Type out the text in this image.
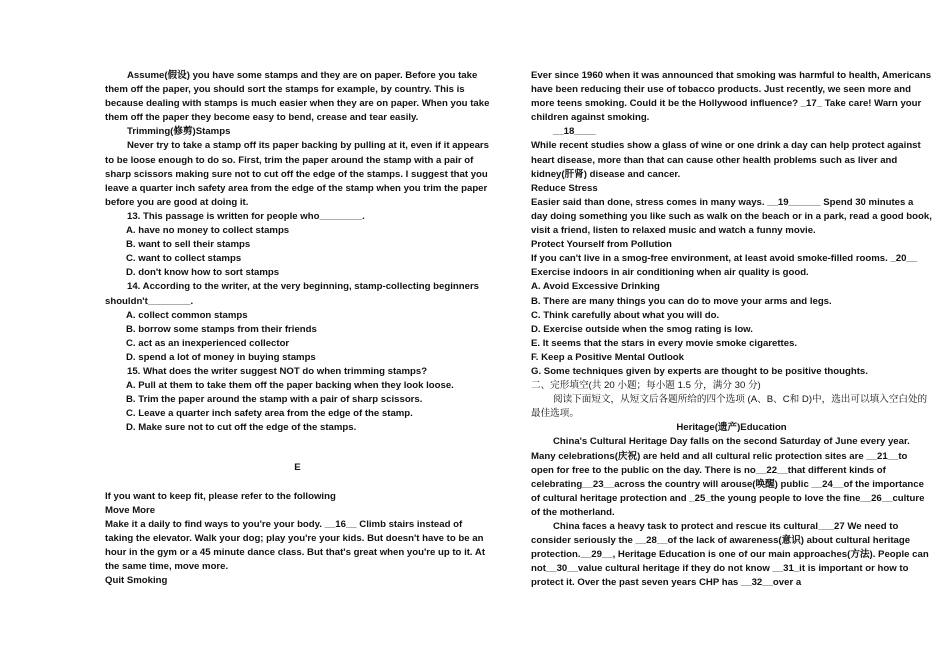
Assume(假设) you have some stamps and they are on paper. Before you take them off the paper, you should sort the stamps for example, by country. This is because dealing with stamps is much easier when they are on paper. When you take them off the paper they become easy to bend, crease and tear easily.

Trimming(修剪)Stamps

Never try to take a stamp off its paper backing by pulling at it, even if it appears to be loose enough to do so. First, trim the paper around the stamp with a pair of sharp scissors making sure not to cut off the edge of the stamps. I suggest that you leave a quarter inch safety area from the edge of the stamp when you trim the paper before you are good at doing it.

13. This passage is written for people who________.

A. have no money to collect stamps

B. want to sell their stamps

C. want to collect stamps

D. don't know how to sort stamps

14. According to the writer, at the very beginning, stamp-collecting beginners shouldn't________.

A. collect common stamps

B. borrow some stamps from their friends

C. act as an inexperienced collector

D. spend a lot of money in buying stamps

15. What does the writer suggest NOT do when trimming stamps?

A. Pull at them to take them off the paper backing when they look loose.

B. Trim the paper around the stamp with a pair of sharp scissors.

C. Leave a quarter inch safety area from the edge of the stamp.

D. Make sure not to cut off the edge of the stamps.

E

If you want to keep fit, please refer to the following

Move More

Make it a daily to find ways to you're your body. __16__ Climb stairs instead of taking the elevator. Walk your dog; play you're your kids. But doesn't have to be an hour in the gym or a 45 minute dance class. But that's great when you're up to it. At the same time, move more.

Quit Smoking

Ever since 1960 when it was announced that smoking was harmful to health, Americans have been reducing their use of tobacco products. Just recently, we seen more and more teens smoking. Could it be the Hollywood influence? _17_ Take care! Warn your children against smoking.

__18____

While recent studies show a glass of wine or one drink a day can help protect against heart disease, more than that can cause other health problems such as liver and kidney(肝肾) disease and cancer.

Reduce Stress

Easier said than done, stress comes in many ways. __19______ Spend 30 minutes a day doing something you like such as walk on the beach or in a park, read a good book, visit a friend, listen to relaxed music and watch a funny movie.

Protect Yourself from Pollution

If you can't live in a smog-free environment, at least avoid smoke-filled rooms. _20__ Exercise indoors in air conditioning when air quality is good.

A. Avoid Excessive Drinking

B. There are many things you can do to move your arms and legs.

C. Think carefully about what you will do.

D. Exercise outside when the smog rating is low.

E. It seems that the stars in every movie smoke cigarettes.

F. Keep a Positive Mental Outlook

G. Some techniques given by experts are thought to be positive thoughts.

二、完形填空(共 20 小题；每小题 1.5 分，满分 30 分)

阅读下面短文，从短文后各题所给的四个选项 (A、B、C和 D)中，选出可以填入空白处的最佳选项。

Heritage(遗产)Education

China's Cultural Heritage Day falls on the second Saturday of June every year. Many celebrations(庆祝) are held and all cultural relic protection sites are __21__to open for free to the public on the day. There is no__22__that different kinds of celebrating__23__across the country will arouse(唤醒) public __24__of the importance of cultural heritage protection and _25_the young people to love the fine__26__culture of the motherland.

China faces a heavy task to protect and rescue its cultural___27 We need to consider seriously the __28__of the lack of awareness(意识) about cultural heritage protection.__29__, Heritage Education is one of our main approaches(方法). People can not__30__value cultural heritage if they do not know __31_it is important or how to protect it. Over the past seven years CHP has __32__over a
